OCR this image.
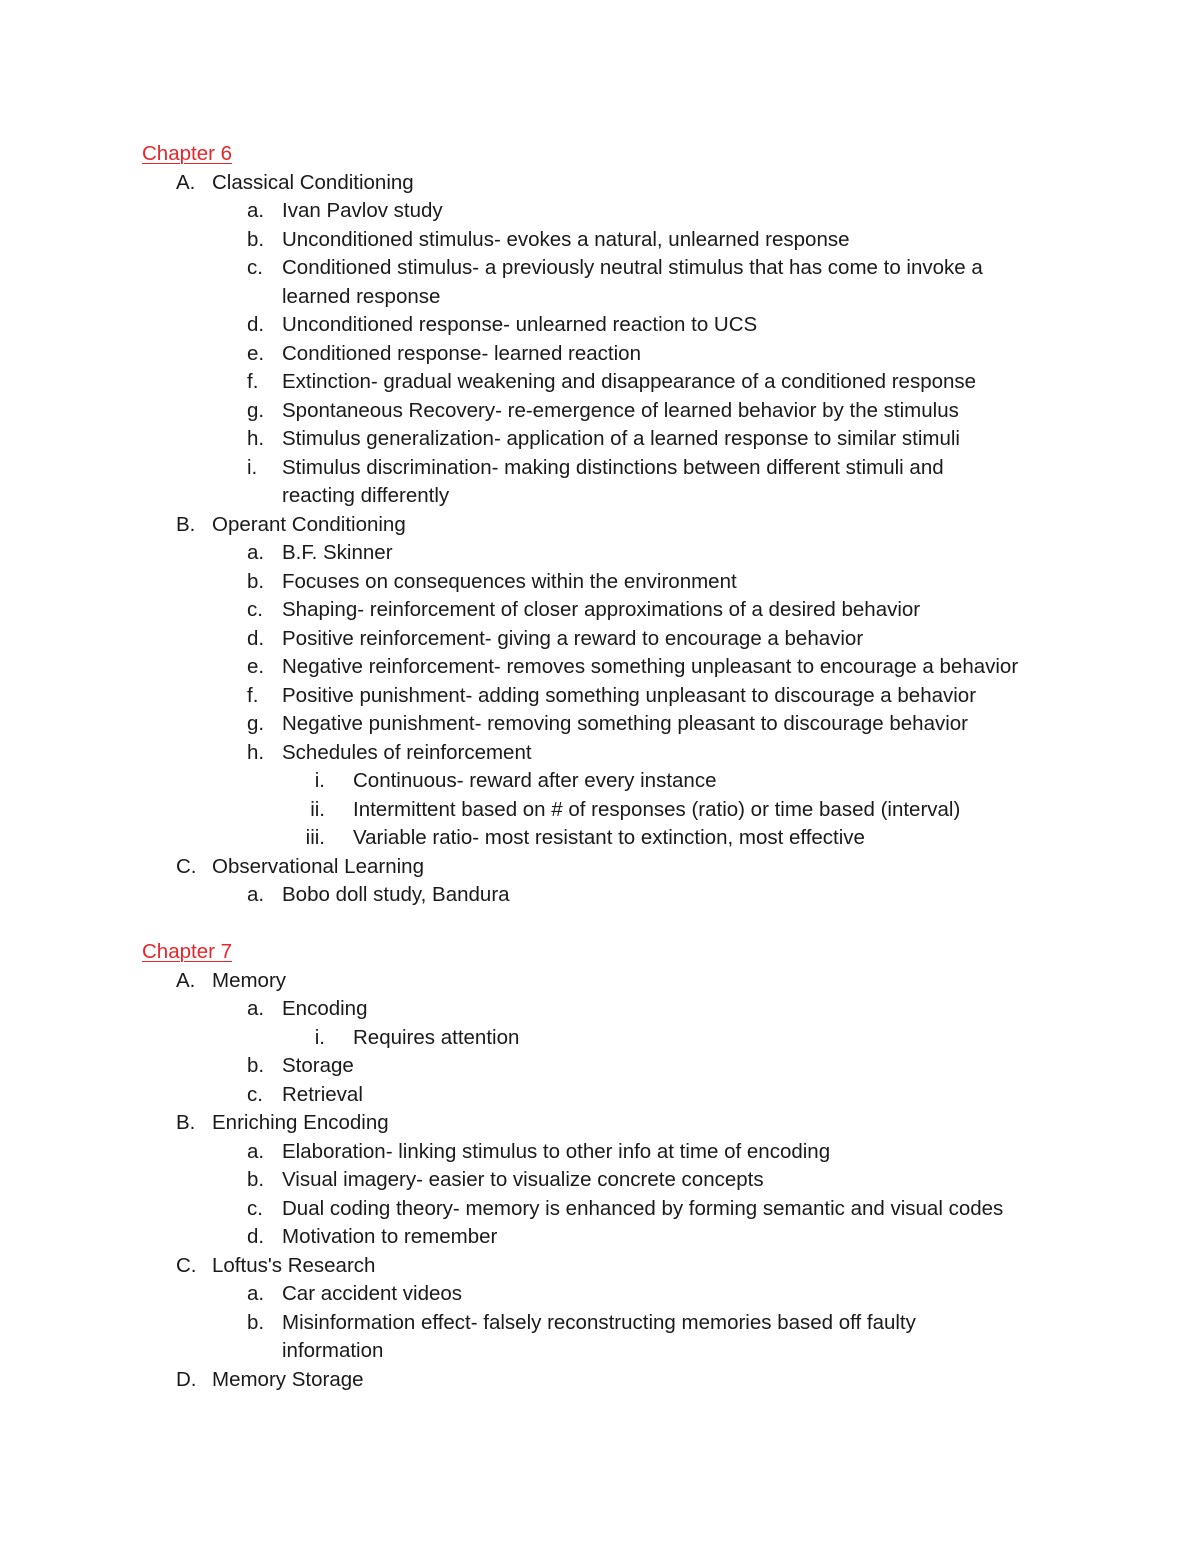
Chapter 6
A. Classical Conditioning
a. Ivan Pavlov study
b. Unconditioned stimulus- evokes a natural, unlearned response
c. Conditioned stimulus- a previously neutral stimulus that has come to invoke a
learned response
d. Unconditioned response- unlearned reaction to UCS
e. Conditioned response- learned reaction
f.	Extinction- gradual weakening and disappearance of a conditioned response
g. Spontaneous Recovery- re-emergence of learned behavior by the stimulus
h. Stimulus generalization- application of a learned response to similar stimuli
i.	Stimulus discrimination- making distinctions between different stimuli and
reacting differently
B. Operant Conditioning
a. B.F. Skinner
b. Focuses on consequences within the environment
c. Shaping- reinforcement of closer approximations of a desired behavior
d. Positive reinforcement- giving a reward to encourage a behavior
e. Negative reinforcement- removes something unpleasant to encourage a behavior
f.	Positive punishment- adding something unpleasant to discourage a behavior
g. Negative punishment- removing something pleasant to discourage behavior
h. Schedules of reinforcement
i.	Continuous- reward after every instance
ii.	Intermittent based on # of responses (ratio) or time based (interval)
iii.	Variable ratio- most resistant to extinction, most effective
C. Observational Learning
a. Bobo doll study, Bandura
Chapter 7
A. Memory
a. Encoding
i.	Requires attention
b. Storage
c. Retrieval
B. Enriching Encoding
a. Elaboration- linking stimulus to other info at time of encoding
b. Visual imagery- easier to visualize concrete concepts
c. Dual coding theory- memory is enhanced by forming semantic and visual codes
d. Motivation to remember
C. Loftus's Research
a. Car accident videos
b. Misinformation effect- falsely reconstructing memories based off faulty
information
D. Memory Storage
